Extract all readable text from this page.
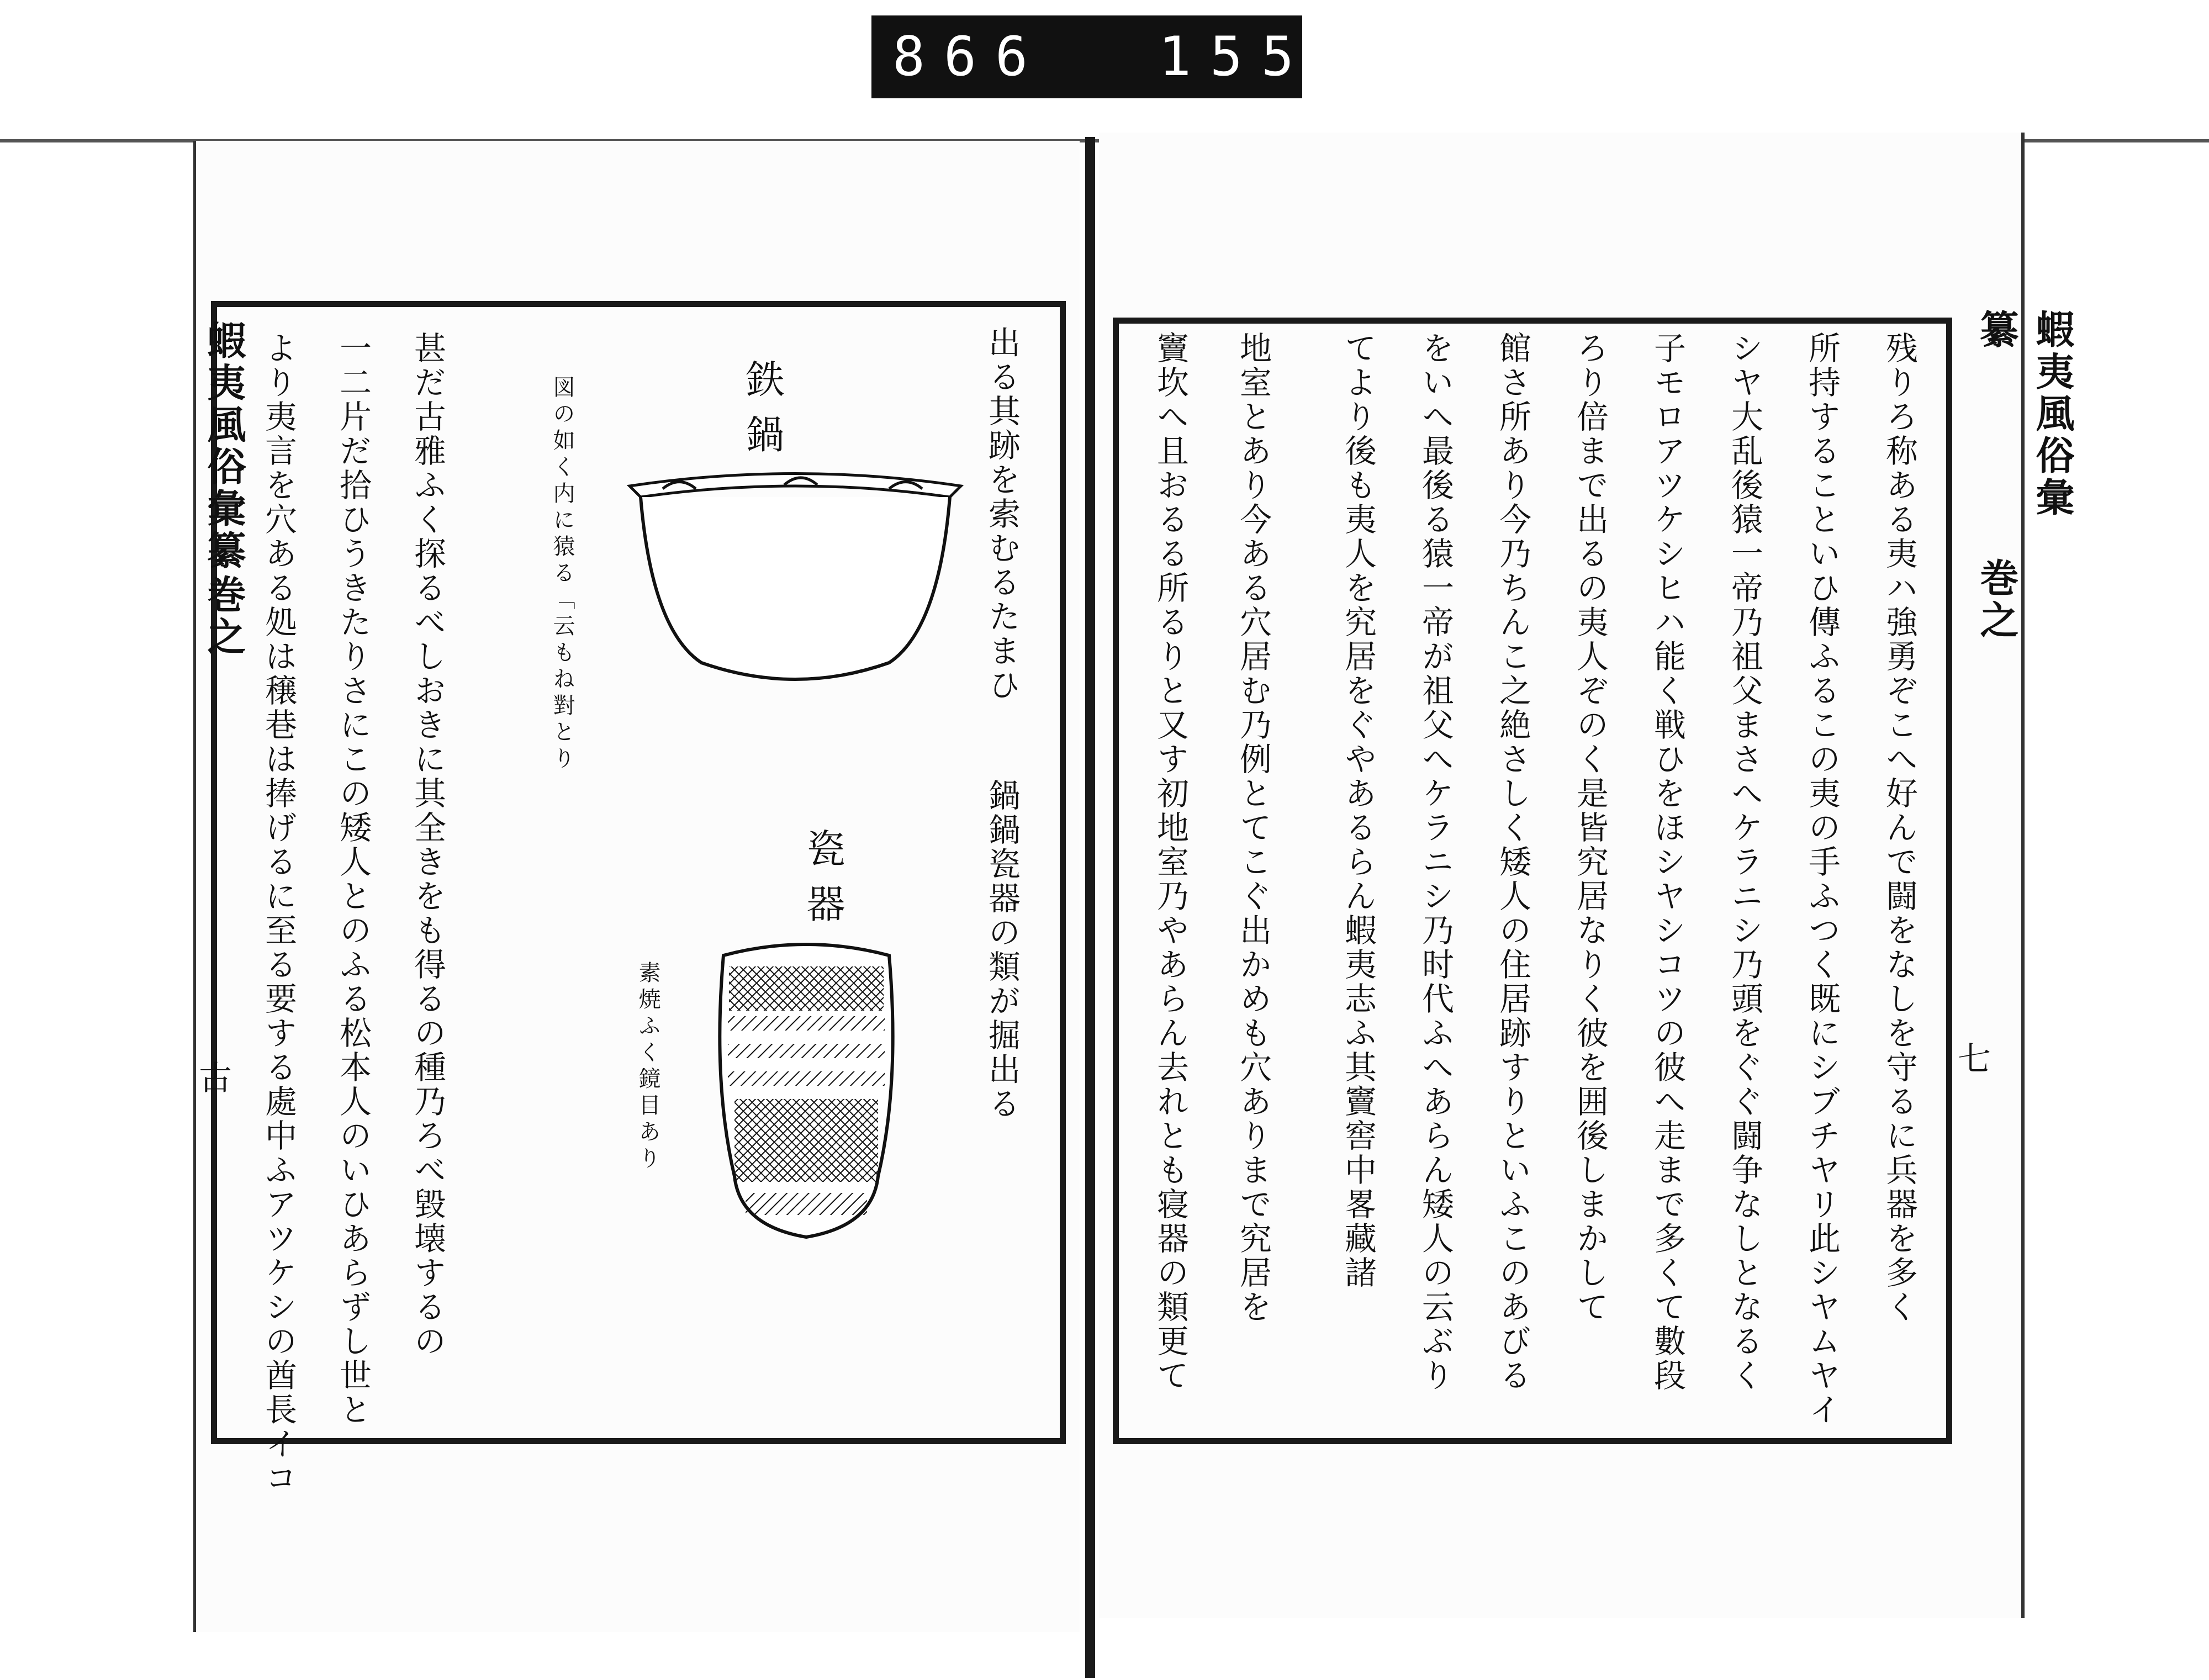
866 155.
蝦夷風俗彙纂
巻之
古
出る其跡を索むるたまひ
鍋鍋瓷器の類が掘出る
甚だ古雅ふく探るべしおきに其全きをも得るの種乃ろべ毀壊するの
一二片だ拾ひうきたりさにこの矮人とのふる松本人のいひあらずし世と
より夷言を穴ある処は穣巷は捧げるに至る要する處中ふアツケシの酋長イコ	鉄鍋
図の如く内に猿る「云もね對とり
瓷器
素焼ふく鏡目あり
蝦夷風俗彙纂
巻之
七
残りろ称ある夷ハ強勇ぞこへ好んで闘をなしを守るに兵器を多く
所持することいひ傳ふるこの夷の手ふつく既にシブチヤリ此シヤムヤイ
シヤ大乱後猿一帝乃祖父まさへケラニシ乃頭をぐぐ闘争なしとなるく
子モロアツケシヒハ能く戦ひをほシヤシコツの彼へ走まで多くて數段
ろり倍まで出るの夷人ぞのく是皆究居なりく彼を囲後しまかして
館さ所あり今乃ちんこ之絶さしく矮人の住居跡すりといふこのあびる
をいへ最後る猿一帝が祖父へケラニシ乃时代ふへあらん矮人の云ぶり
てより後も夷人を究居をぐやあるらん蝦夷志ふ其竇窖中畧藏諸
地室とあり今ある穴居む乃例とてこぐ出かめも穴ありまで究居を
竇坎へ且おるる所るりと又す初地室乃やあらん去れとも寝器の類更て
